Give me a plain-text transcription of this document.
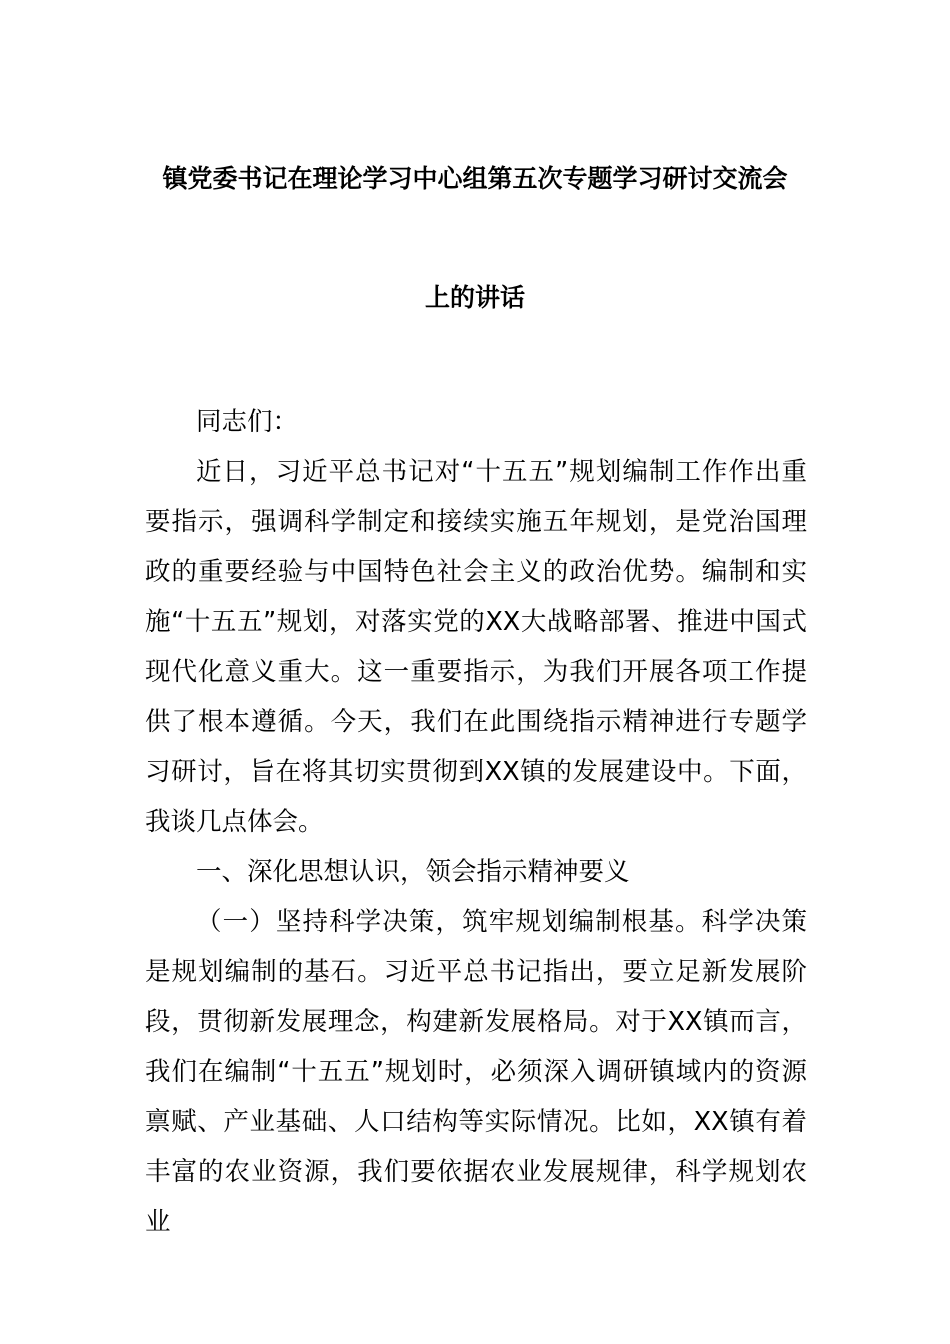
镇党委书记在理论学习中心组第五次专题学习研讨交流会
上的讲话

同志们：

近日，习近平总书记对“十五五”规划编制工作作出重要指示，强调科学制定和接续实施五年规划，是党治国理政的重要经验与中国特色社会主义的政治优势。编制和实施“十五五”规划，对落实党的XX大战略部署、推进中国式现代化意义重大。这一重要指示，为我们开展各项工作提供了根本遵循。今天，我们在此围绕指示精神进行专题学习研讨，旨在将其切实贯彻到XX镇的发展建设中。下面，我谈几点体会。

一、深化思想认识，领会指示精神要义

（一）坚持科学决策，筑牢规划编制根基。科学决策是规划编制的基石。习近平总书记指出，要立足新发展阶段，贯彻新发展理念，构建新发展格局。对于XX镇而言，我们在编制“十五五”规划时，必须深入调研镇域内的资源禀赋、产业基础、人口结构等实际情况。比如，XX镇有着丰富的农业资源，我们要依据农业发展规律，科学规划农业
